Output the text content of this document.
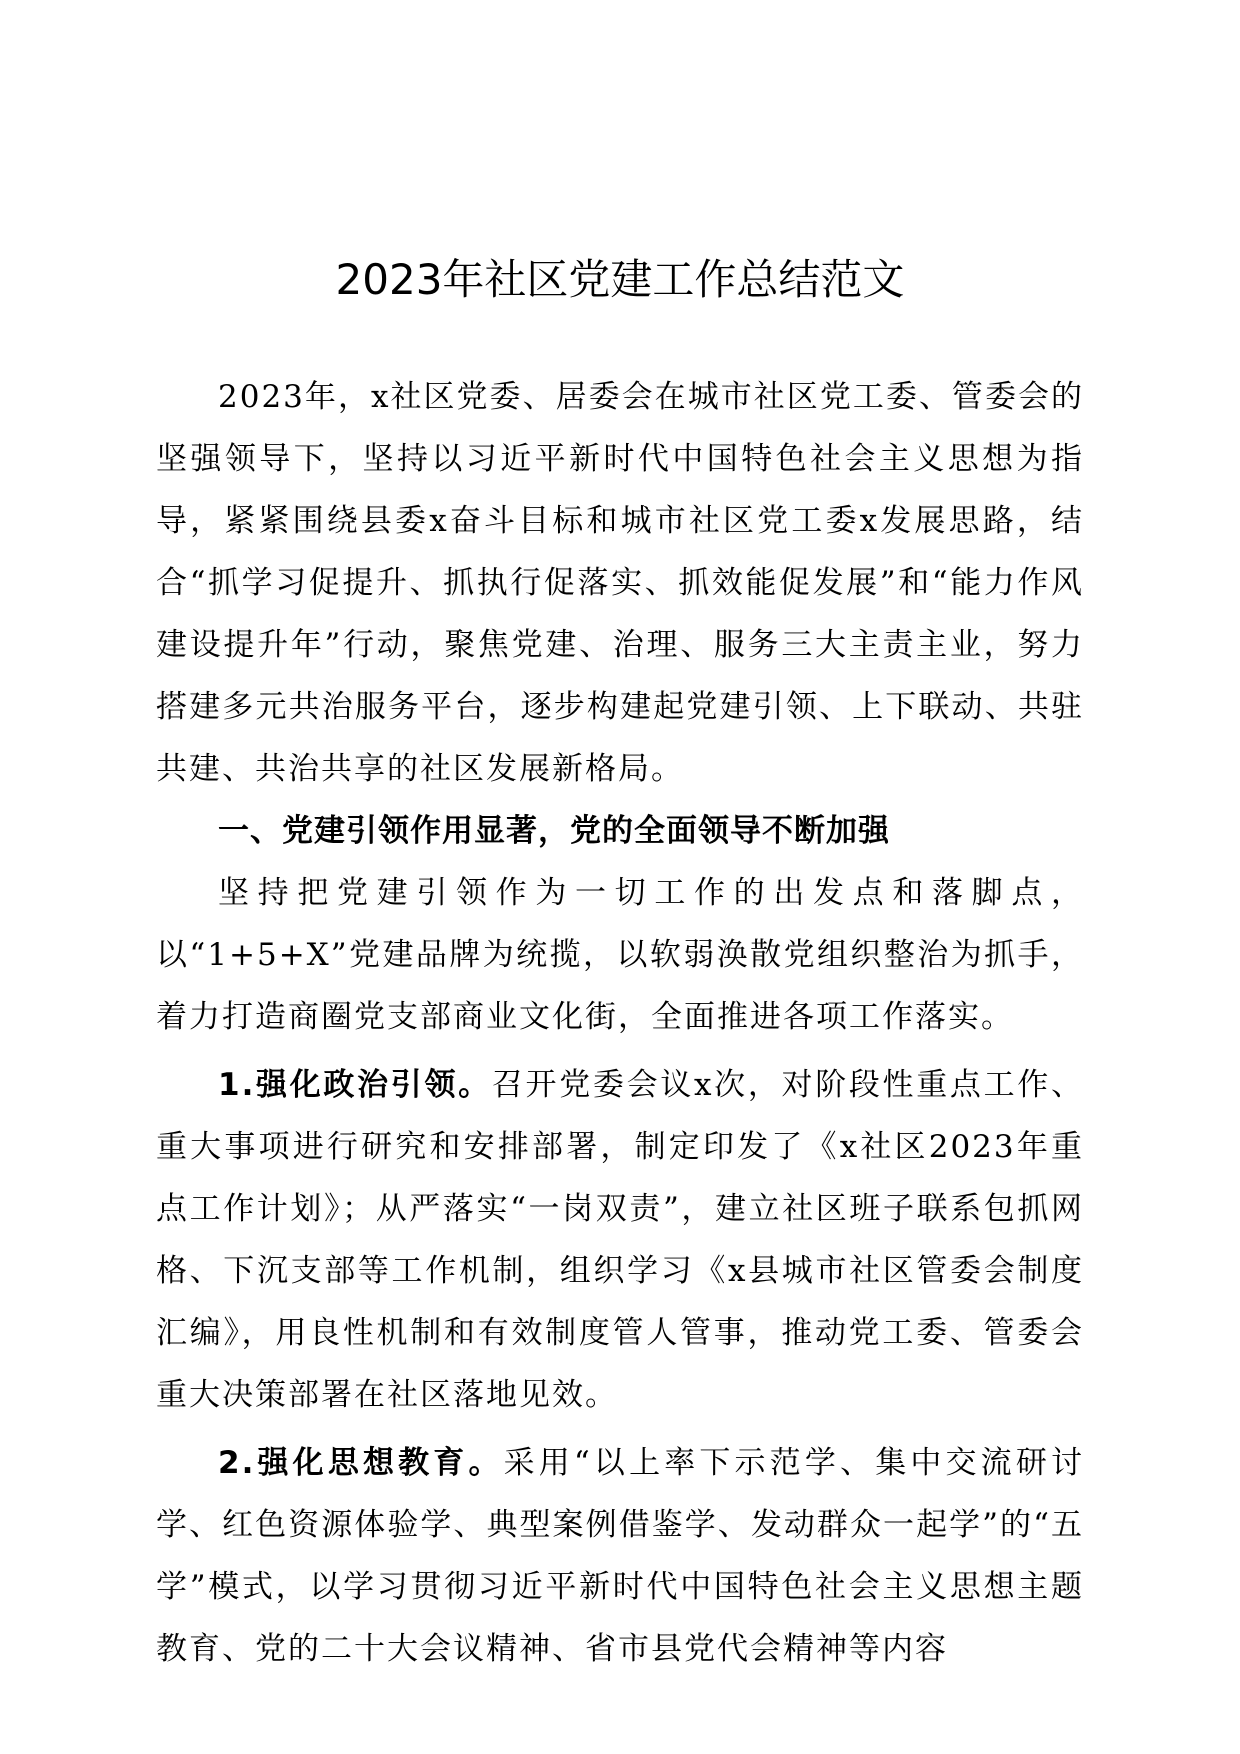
2023年社区党建工作总结范文

2023年，x社区党委、居委会在城市社区党工委、管委会的坚强领导下，坚持以习近平新时代中国特色社会主义思想为指导，紧紧围绕县委x奋斗目标和城市社区党工委x发展思路，结合“抓学习促提升、抓执行促落实、抓效能促发展”和“能力作风建设提升年”行动，聚焦党建、治理、服务三大主责主业，努力搭建多元共治服务平台，逐步构建起党建引领、上下联动、共驻共建、共治共享的社区发展新格局。

一、党建引领作用显著，党的全面领导不断加强

坚持把党建引领作为一切工作的出发点和落脚点，以“1+5+X”党建品牌为统揽，以软弱涣散党组织整治为抓手，着力打造商圈党支部商业文化街，全面推进各项工作落实。

1.强化政治引领。召开党委会议x次，对阶段性重点工作、重大事项进行研究和安排部署，制定印发了《x社区2023年重点工作计划》；从严落实“一岗双责”，建立社区班子联系包抓网格、下沉支部等工作机制，组织学习《x县城市社区管委会制度汇编》，用良性机制和有效制度管人管事，推动党工委、管委会重大决策部署在社区落地见效。

2.强化思想教育。采用“以上率下示范学、集中交流研讨学、红色资源体验学、典型案例借鉴学、发动群众一起学”的“五学”模式，以学习贯彻习近平新时代中国特色社会主义思想主题教育、党的二十大会议精神、省市县党代会精神等内容
